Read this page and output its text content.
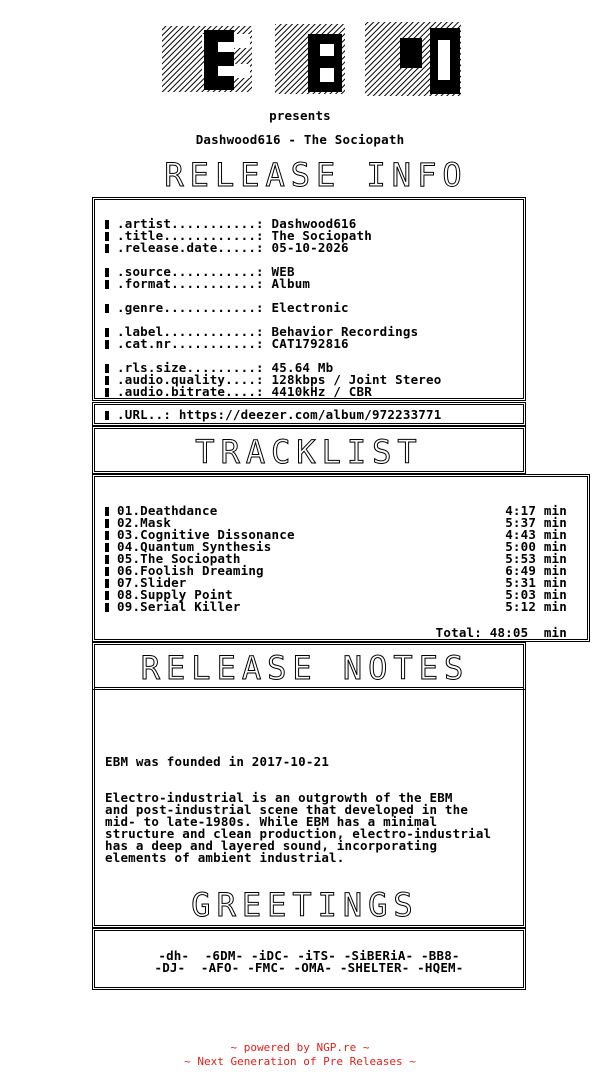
presents
Dashwood616 - The Sociopath
RELEASE INFO
.artist...........: Dashwood616
.title............: The Sociopath
.release.date.....: 05-10-2026
.source...........: WEB
.format...........: Album
.genre............: Electronic
.label............: Behavior Recordings
.cat.nr...........: CAT1792816
.rls.size.........: 45.64 Mb
.audio.quality....: 128kbps / Joint Stereo
.audio.bitrate....: 4410kHz / CBR
.URL..: https://deezer.com/album/972233771
TRACKLIST
01.Deathdance	4:17 min
02.Mask	5:37 min
03.Cognitive Dissonance	4:43 min
04.Quantum Synthesis	5:00 min
05.The Sociopath	5:53 min
06.Foolish Dreaming	6:49 min
07.Slider	5:31 min
08.Supply Point	5:03 min
09.Serial Killer	5:12 min
Total: 48:05  min
RELEASE NOTES
EBM was founded in 2017-10-21
Electro-industrial is an outgrowth of the EBM
and post-industrial scene that developed in the
mid- to late-1980s. While EBM has a minimal
structure and clean production, electro-industrial
has a deep and layered sound, incorporating
elements of ambient industrial.
GREETINGS
-dh-  -6DM- -iDC- -iTS- -SiBERiA- -BB8-
-DJ-  -AFO- -FMC- -OMA- -SHELTER- -HQEM-
~ powered by NGP.re ~
~ Next Generation of Pre Releases ~
